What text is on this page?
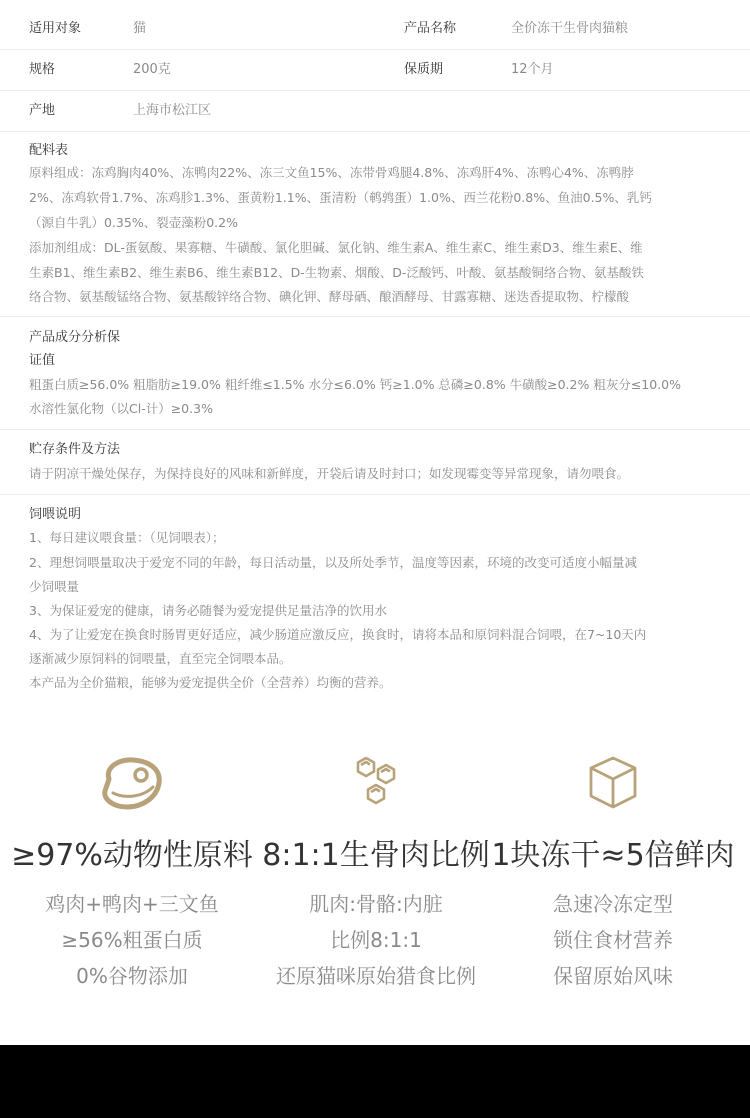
适用对象	猫	产品名称	全价冻干生骨肉猫粮
规格	200克	保质期	12个月
产地	上海市松江区
配料表
原料组成：冻鸡胸肉40%、冻鸭肉22%、冻三文鱼15%、冻带骨鸡腿4.8%、冻鸡肝4%、冻鸭心4%、冻鸭脖
2%、冻鸡软骨1.7%、冻鸡胗1.3%、蛋黄粉1.1%、蛋清粉（鹌鹑蛋）1.0%、西兰花粉0.8%、鱼油0.5%、乳钙
（源自牛乳）0.35%、裂壶藻粉0.2%
添加剂组成：DL-蛋氨酸、果寡糖、牛磺酸、氯化胆碱、氯化钠、维生素A、维生素C、维生素D3、维生素E、维
生素B1、维生素B2、维生素B6、维生素B12、D-生物素、烟酸、D-泛酸钙、叶酸、氨基酸铜络合物、氨基酸铁
络合物、氨基酸锰络合物、氨基酸锌络合物、碘化钾、酵母硒、酿酒酵母、甘露寡糖、迷迭香提取物、柠檬酸
产品成分分析保
证值
粗蛋白质≥56.0% 粗脂肪≥19.0% 粗纤维≤1.5% 水分≤6.0% 钙≥1.0% 总磷≥0.8% 牛磺酸≥0.2% 粗灰分≤10.0%
水溶性氯化物（以Cl-计）≥0.3%
贮存条件及方法
请于阴凉干燥处保存，为保持良好的风味和新鲜度，开袋后请及时封口；如发现霉变等异常现象，请勿喂食。
饲喂说明
1、每日建议喂食量：（见饲喂表）；
2、理想饲喂量取决于爱宠不同的年龄，每日活动量，以及所处季节，温度等因素，环境的改变可适度小幅量减
少饲喂量
3、为保证爱宠的健康，请务必随餐为爱宠提供足量洁净的饮用水
4、为了让爱宠在换食时肠胃更好适应，减少肠道应激反应，换食时，请将本品和原饲料混合饲喂，在7~10天内
逐渐减少原饲料的饲喂量，直至完全饲喂本品。
本产品为全价猫粮，能够为爱宠提供全价（全营养）均衡的营养。
≥97%动物性原料
鸡肉+鸭肉+三文鱼
≥56%粗蛋白质
0%谷物添加
8:1:1生骨肉比例
肌肉:骨骼:内脏
比例8:1:1
还原猫咪原始猎食比例
1块冻干≈5倍鲜肉
急速冷冻定型
锁住食材营养
保留原始风味
